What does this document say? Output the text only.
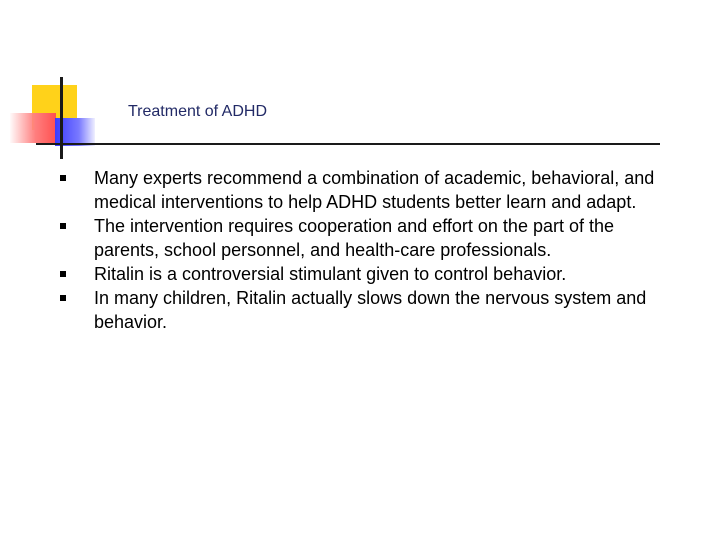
Treatment of ADHD
Many experts recommend a combination of academic, behavioral, and medical interventions to help ADHD students better learn and adapt.
The intervention requires cooperation and effort on the part of the parents, school personnel, and health-care professionals.
Ritalin is a controversial stimulant given to control behavior.
In many children, Ritalin actually slows down the nervous system and behavior.
